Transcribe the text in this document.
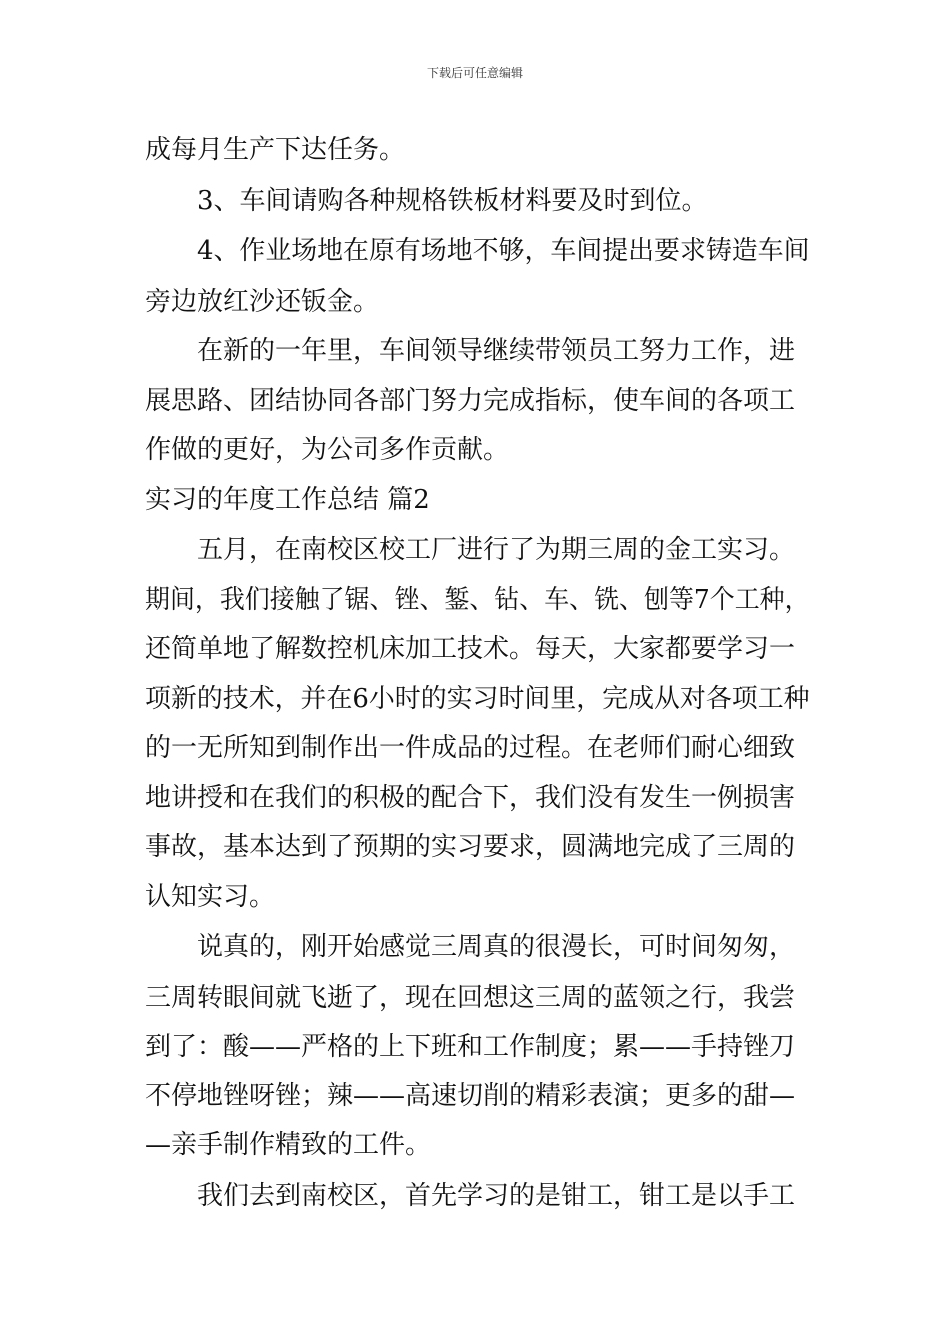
下载后可任意编辑
成每月生产下达任务。
3、车间请购各种规格铁板材料要及时到位。
4、作业场地在原有场地不够，车间提出要求铸造车间
旁边放红沙还钣金。
在新的一年里，车间领导继续带领员工努力工作，进
展思路、团结协同各部门努力完成指标，使车间的各项工
作做的更好，为公司多作贡献。
实习的年度工作总结 篇2
五月，在南校区校工厂进行了为期三周的金工实习。
期间，我们接触了锯、锉、錾、钻、车、铣、刨等7个工种，
还简单地了解数控机床加工技术。每天，大家都要学习一
项新的技术，并在6小时的实习时间里，完成从对各项工种
的一无所知到制作出一件成品的过程。在老师们耐心细致
地讲授和在我们的积极的配合下，我们没有发生一例损害
事故，基本达到了预期的实习要求，圆满地完成了三周的
认知实习。
说真的，刚开始感觉三周真的很漫长，可时间匆匆，
三周转眼间就飞逝了，现在回想这三周的蓝领之行，我尝
到了：酸——严格的上下班和工作制度；累——手持锉刀
不停地锉呀锉；辣——高速切削的精彩表演；更多的甜—
—亲手制作精致的工件。
我们去到南校区，首先学习的是钳工，钳工是以手工
